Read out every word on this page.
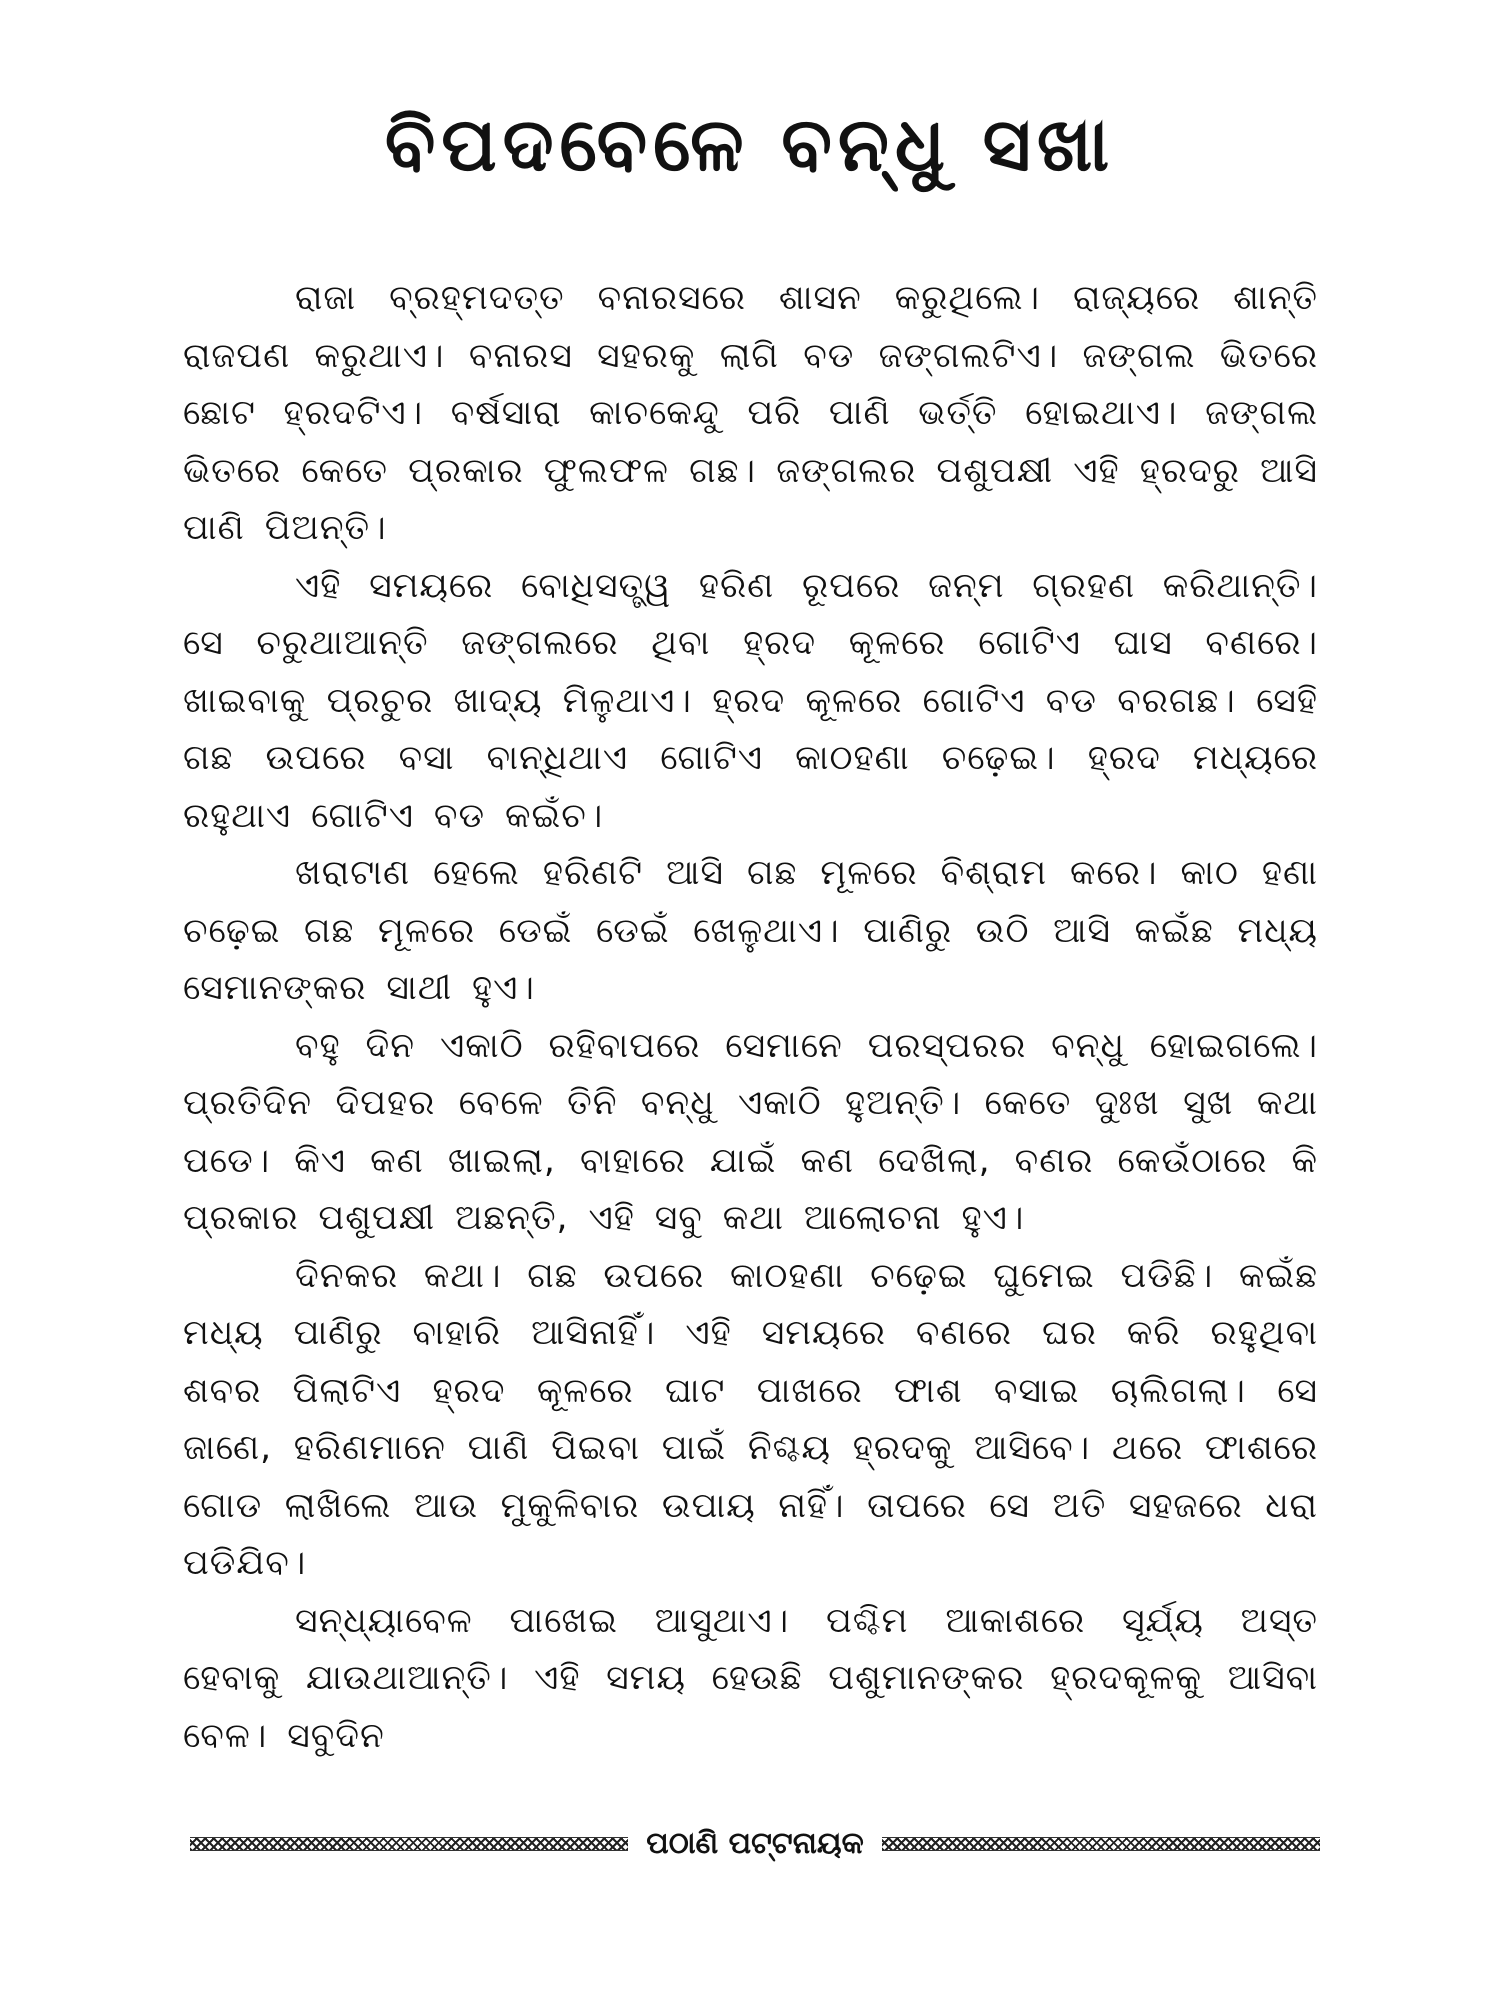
ବିପଦବେଳେ ବନ୍ଧୁ ସଖା

ରାଜା ବ୍ରହ୍ମଦତ୍ତ ବନାରସରେ ଶାସନ କରୁଥିଲେ। ରାଜ୍ୟରେ ଶାନ୍ତି ରାଜପଣ କରୁଥାଏ। ବନାରସ ସହରକୁ ଲାଗି ବଡ ଜଙ୍ଗଲଟିଏ। ଜଙ୍ଗଲ ଭିତରେ ଛୋଟ ହ୍ରଦଟିଏ। ବର୍ଷସାରା କାଚକେନ୍ଦୁ ପରି ପାଣି ଭର୍ତ୍ତି ହୋଇଥାଏ। ଜଙ୍ଗଲ ଭିତରେ କେତେ ପ୍ରକାର ଫୁଲଫଳ ଗଛ। ଜଙ୍ଗଲର ପଶୁପକ୍ଷୀ ଏହି ହ୍ରଦରୁ ଆସି ପାଣି ପିଅନ୍ତି।

ଏହି ସମୟରେ ବୋଧିସତ୍ତ୍ୱ ହରିଣ ରୂପରେ ଜନ୍ମ ଗ୍ରହଣ କରିଥାନ୍ତି। ସେ ଚରୁଥାଆନ୍ତି ଜଙ୍ଗଲରେ ଥିବା ହ୍ରଦ କୂଳରେ ଗୋଟିଏ ଘାସ ବଣରେ। ଖାଇବାକୁ ପ୍ରଚୁର ଖାଦ୍ୟ ମିଳୁଥାଏ। ହ୍ରଦ କୂଳରେ ଗୋଟିଏ ବଡ ବରଗଛ। ସେହି ଗଛ ଉପରେ ବସା ବାନ୍ଧିଥାଏ ଗୋଟିଏ କାଠହଣା ଚଢ଼େଇ। ହ୍ରଦ ମଧ୍ୟରେ ରହୁଥାଏ ଗୋଟିଏ ବଡ କଇଁଚ।

ଖରାଟାଣ ହେଲେ ହରିଣଟି ଆସି ଗଛ ମୂଳରେ ବିଶ୍ରାମ କରେ। କାଠ ହଣା ଚଢ଼େଇ ଗଛ ମୂଳରେ ଡେଇଁ ଡେଇଁ ଖେଳୁଥାଏ। ପାଣିରୁ ଉଠି ଆସି କଇଁଛ ମଧ୍ୟ ସେମାନଙ୍କର ସାଥୀ ହୁଏ।

ବହୁ ଦିନ ଏକାଠି ରହିବାପରେ ସେମାନେ ପରସ୍ପରର ବନ୍ଧୁ ହୋଇଗଲେ। ପ୍ରତିଦିନ ଦିପହର ବେଳେ ତିନି ବନ୍ଧୁ ଏକାଠି ହୁଅନ୍ତି। କେତେ ଦୁଃଖ ସୁଖ କଥା ପଡେ। କିଏ କଣ ଖାଇଲା, ବାହାରେ ଯାଇଁ କଣ ଦେଖିଲା, ବଣର କେଉଁଠାରେ କି ପ୍ରକାର ପଶୁପକ୍ଷୀ ଅଛନ୍ତି, ଏହି ସବୁ କଥା ଆଲୋଚନା ହୁଏ।

ଦିନକର କଥା। ଗଛ ଉପରେ କାଠହଣା ଚଢ଼େଇ ଘୁମେଇ ପଡିଛି। କଇଁଛ ମଧ୍ୟ ପାଣିରୁ ବାହାରି ଆସିନାହିଁ। ଏହି ସମୟରେ ବଣରେ ଘର କରି ରହୁଥିବା ଶବର ପିଲାଟିଏ ହ୍ରଦ କୂଳରେ ଘାଟ ପାଖରେ ଫାଶ ବସାଇ ଚାଲିଗଲା। ସେ ଜାଣେ, ହରିଣମାନେ ପାଣି ପିଇବା ପାଇଁ ନିଶ୍ଚୟ ହ୍ରଦକୁ ଆସିବେ। ଥରେ ଫାଶରେ ଗୋଡ ଲାଖିଲେ ଆଉ ମୁକୁଳିବାର ଉପାୟ ନାହିଁ। ତାପରେ ସେ ଅତି ସହଜରେ ଧରା ପଡିଯିବ।

ସନ୍ଧ୍ୟାବେଳ ପାଖେଇ ଆସୁଥାଏ। ପଶ୍ଚିମ ଆକାଶରେ ସୂର୍ଯ୍ୟ ଅସ୍ତ ହେବାକୁ ଯାଉଥାଆନ୍ତି। ଏହି ସମୟ ହେଉଛି ପଶୁମାନଙ୍କର ହ୍ରଦକୂଳକୁ ଆସିବା ବେଳ। ସବୁଦିନ

ପଠାଣି ପଟ୍ଟନାୟକ
